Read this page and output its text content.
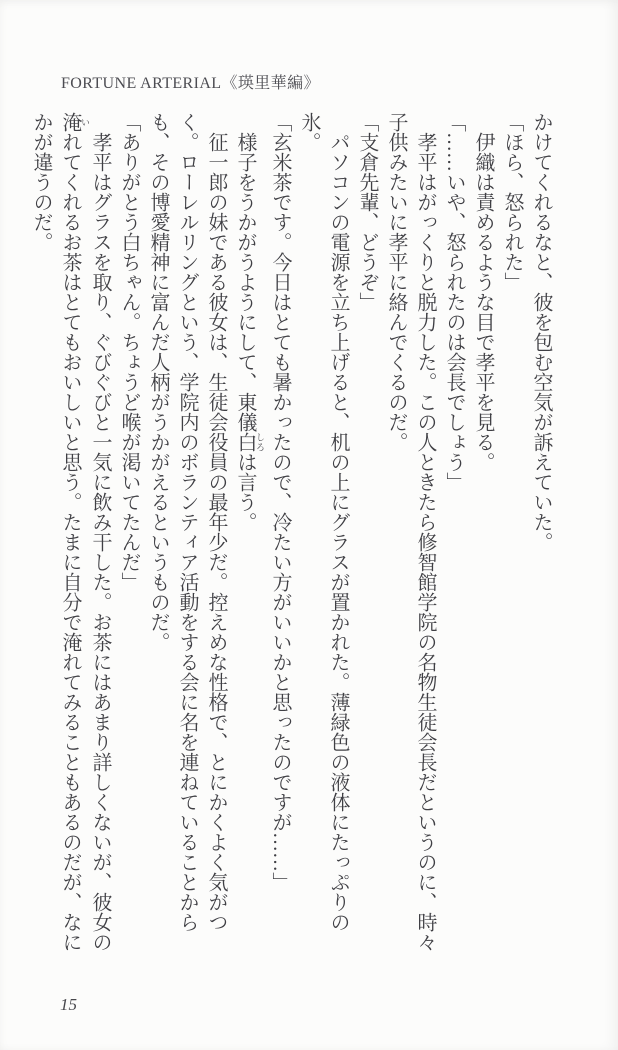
FORTUNE ARTERIAL《瑛里華編》

かけてくれるなと、彼を包む空気が訴えていた。

「ほら、怒られた」

　伊織は責めるような目で孝平を見る。

「……いや、怒られたのは会長でしょう」

　孝平はがっくりと脱力した。この人ときたら修智館学院の名物生徒会長だというのに、時々子供みたいに孝平に絡んでくるのだ。

「支倉先輩、どうぞ」

　パソコンの電源を立ち上げると、机の上にグラスが置かれた。薄緑色の液体にたっぷりの氷。

「玄米茶です。今日はとても暑かったので、冷たい方がいいかと思ったのですが……」

　様子をうかがうようにして、東儀白 しろは言う。

　征一郎の妹である彼女は、生徒会役員の最年少だ。控えめな性格で、とにかくよく気がつく。ローレルリングという、学院内のボランティア活動をする会に名を連ねていることからも、その博愛精神に富んだ人柄がうかがえるというものだ。

「ありがとう白ちゃん。ちょうど喉が渇いてたんだ」

　孝平はグラスを取り、ぐびぐびと一気に飲み干した。お茶にはあまり詳しくないが、彼女の淹 いれてくれるお茶はとてもおいしいと思う。たまに自分で淹れてみることもあるのだが、なにかが違うのだ。

15
